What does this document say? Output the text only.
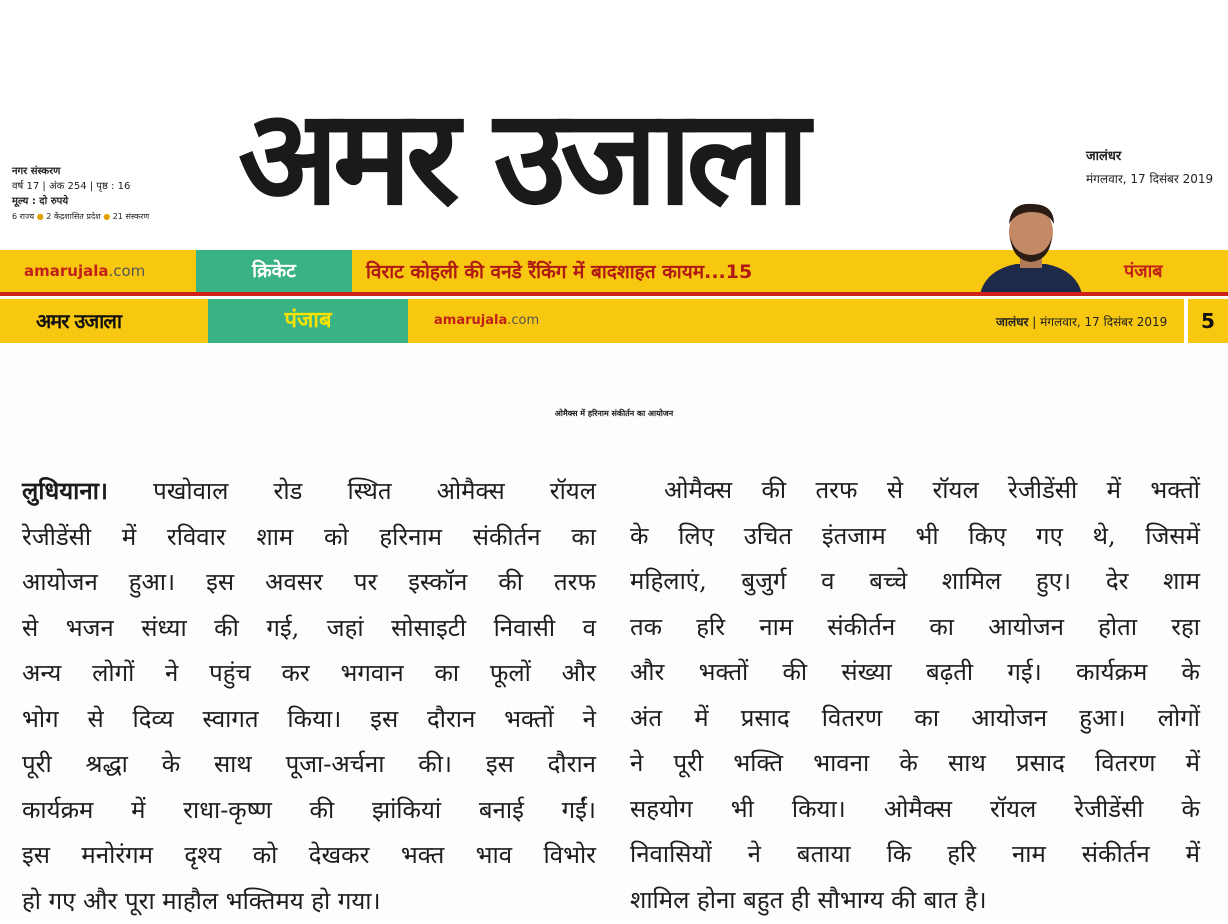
नगर संस्करण
वर्ष 17 | अंक 254 | पृष्ठ : 16
मूल्य : दो रुपये
6 राज्य ● 2 केंद्रशासित प्रदेश ● 21 संस्करण अमर उजाला	जालंधर
मंगलवार, 17 दिसंबर 2019
amarujala.com	क्रिकेट	विराट कोहली की वनडे रैंकिंग में बादशाहत कायम...15	पंजाब
अमर उजाला	पंजाब	amarujala.com	जालंधर | मंगलवार, 17 दिसंबर 2019	5
ओमैक्स में हरिनाम संकीर्तन का आयोजन
लुधियाना। पखोवाल रोड स्थित ओमैक्स रॉयल
रेजीडेंसी में रविवार शाम को हरिनाम संकीर्तन का
आयोजन हुआ। इस अवसर पर इस्कॉन की तरफ
से भजन संध्या की गई, जहां सोसाइटी निवासी व
अन्य लोगों ने पहुंच कर भगवान का फूलों और
भोग से दिव्य स्वागत किया। इस दौरान भक्तों ने
पूरी श्रद्धा के साथ पूजा-अर्चना की। इस दौरान
कार्यक्रम में राधा-कृष्ण की झांकियां बनाई गईं।
इस मनोरंगम दृश्य को देखकर भक्त भाव विभोर
हो गए और पूरा माहौल भक्तिमय हो गया।
ओमैक्स की तरफ से रॉयल रेजीडेंसी में भक्तों
के लिए उचित इंतजाम भी किए गए थे, जिसमें
महिलाएं, बुजुर्ग व बच्चे शामिल हुए। देर शाम
तक हरि नाम संकीर्तन का आयोजन होता रहा
और भक्तों की संख्या बढ़ती गई। कार्यक्रम के
अंत में प्रसाद वितरण का आयोजन हुआ। लोगों
ने पूरी भक्ति भावना के साथ प्रसाद वितरण में
सहयोग भी किया। ओमैक्स रॉयल रेजीडेंसी के
निवासियों ने बताया कि हरि नाम संकीर्तन में
शामिल होना बहुत ही सौभाग्य की बात है।
